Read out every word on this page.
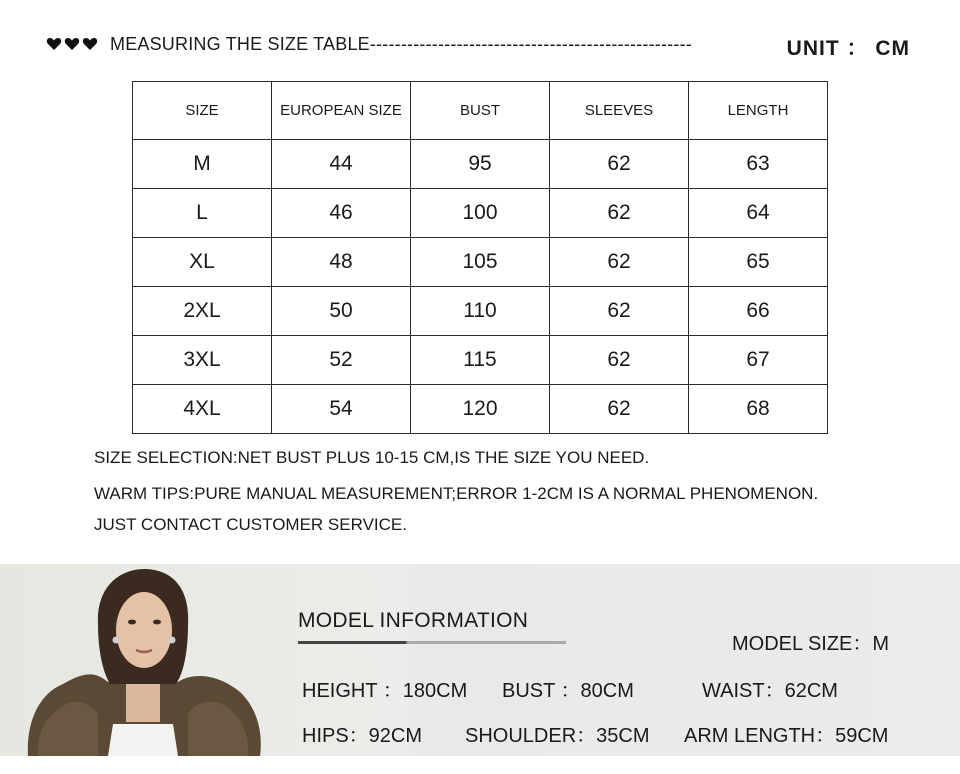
MEASURING THE SIZE TABLE----------------------------------------------------	UNIT ： CM
SIZE	EUROPEAN SIZE	BUST	SLEEVES	LENGTH
M	44	95	62	63
L	46	100	62	64
XL	48	105	62	65
2XL	50	110	62	66
3XL	52	115	62	67
4XL	54	120	62	68
SIZE SELECTION:NET BUST PLUS 10-15 CM,IS THE SIZE YOU NEED.
WARM TIPS:PURE MANUAL MEASUREMENT;ERROR 1-2CM IS A NORMAL PHENOMENON.
JUST CONTACT CUSTOMER SERVICE.
MODEL INFORMATION
MODEL SIZE：M
HEIGHT ：180CM BUST ：80CM	WAIST：62CM
HIPS：92CM SHOULDER：35CM ARM LENGTH：59CM
